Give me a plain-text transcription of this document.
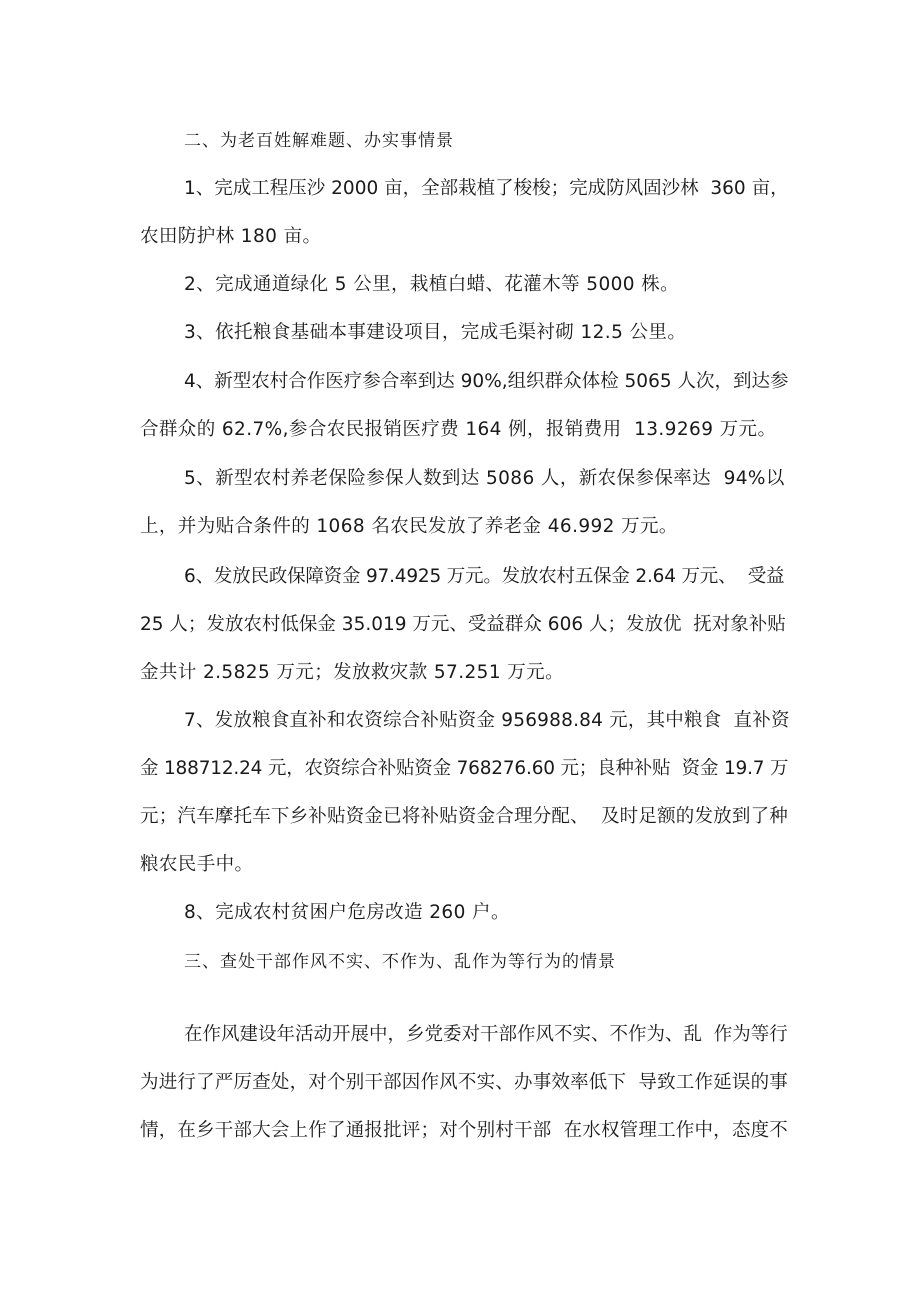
二、为老百姓解难题、办实事情景
1、完成工程压沙 2000 亩，全部栽植了梭梭；完成防风固沙林  360 亩，
农田防护林 180 亩。
2、完成通道绿化 5 公里，栽植白蜡、花灌木等 5000 株。
3、依托粮食基础本事建设项目，完成毛渠衬砌 12.5 公里。
4、新型农村合作医疗参合率到达 90%,组织群众体检 5065 人次，到达参
合群众的 62.7%,参合农民报销医疗费 164 例，报销费用  13.9269 万元。
5、新型农村养老保险参保人数到达 5086 人，新农保参保率达  94%以
上，并为贴合条件的 1068 名农民发放了养老金 46.992 万元。
6、发放民政保障资金 97.4925 万元。发放农村五保金 2.64 万元、  受益
25 人；发放农村低保金 35.019 万元、受益群众 606 人；发放优  抚对象补贴
金共计 2.5825 万元；发放救灾款 57.251 万元。
7、发放粮食直补和农资综合补贴资金 956988.84 元，其中粮食  直补资
金 188712.24 元，农资综合补贴资金 768276.60 元；良种补贴  资金 19.7 万
元；汽车摩托车下乡补贴资金已将补贴资金合理分配、  及时足额的发放到了种
粮农民手中。
8、完成农村贫困户危房改造 260 户。
三、查处干部作风不实、不作为、乱作为等行为的情景
在作风建设年活动开展中，乡党委对干部作风不实、不作为、乱  作为等行
为进行了严厉查处，对个别干部因作风不实、办事效率低下  导致工作延误的事
情，在乡干部大会上作了通报批评；对个别村干部  在水权管理工作中，态度不
